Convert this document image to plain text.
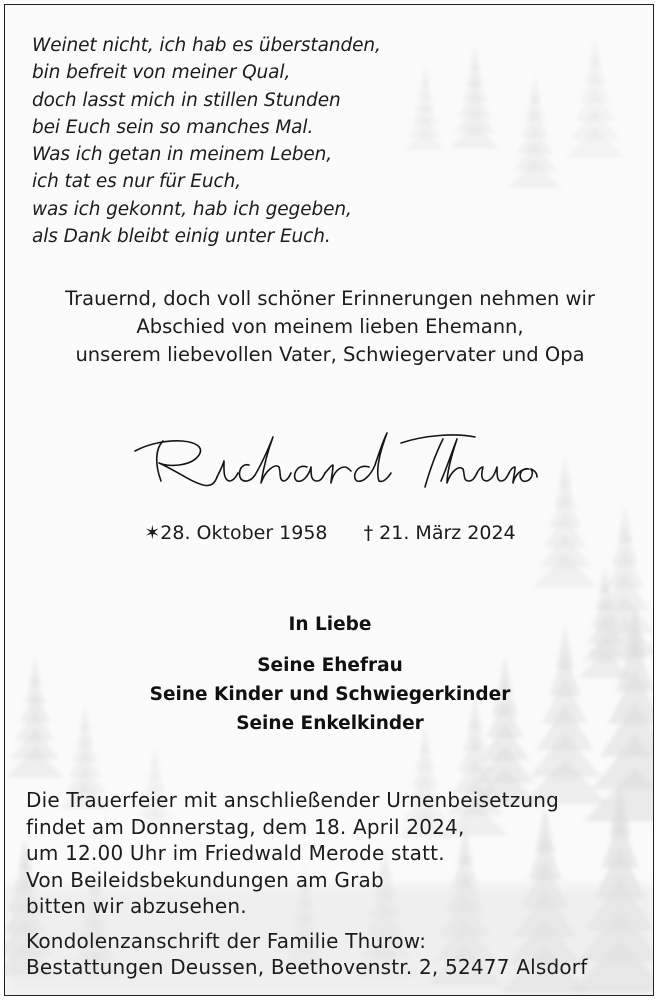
Weinet nicht, ich hab es überstanden,
bin befreit von meiner Qual,
doch lasst mich in stillen Stunden
bei Euch sein so manches Mal.
Was ich getan in meinem Leben,
ich tat es nur für Euch,
was ich gekonnt, hab ich gegeben,
als Dank bleibt einig unter Euch.
Trauernd, doch voll schöner Erinnerungen nehmen wir
Abschied von meinem lieben Ehemann,
unserem liebevollen Vater, Schwiegervater und Opa
✶28. Oktober 1958 † 21. März 2024
In Liebe
Seine Ehefrau
Seine Kinder und Schwiegerkinder
Seine Enkelkinder
Die Trauerfeier mit anschließender Urnenbeisetzung
findet am Donnerstag, dem 18. April 2024,
um 12.00 Uhr im Friedwald Merode statt.
Von Beileidsbekundungen am Grab
bitten wir abzusehen.
Kondolenzanschrift der Familie Thurow:
Bestattungen Deussen, Beethovenstr. 2, 52477 Alsdorf
